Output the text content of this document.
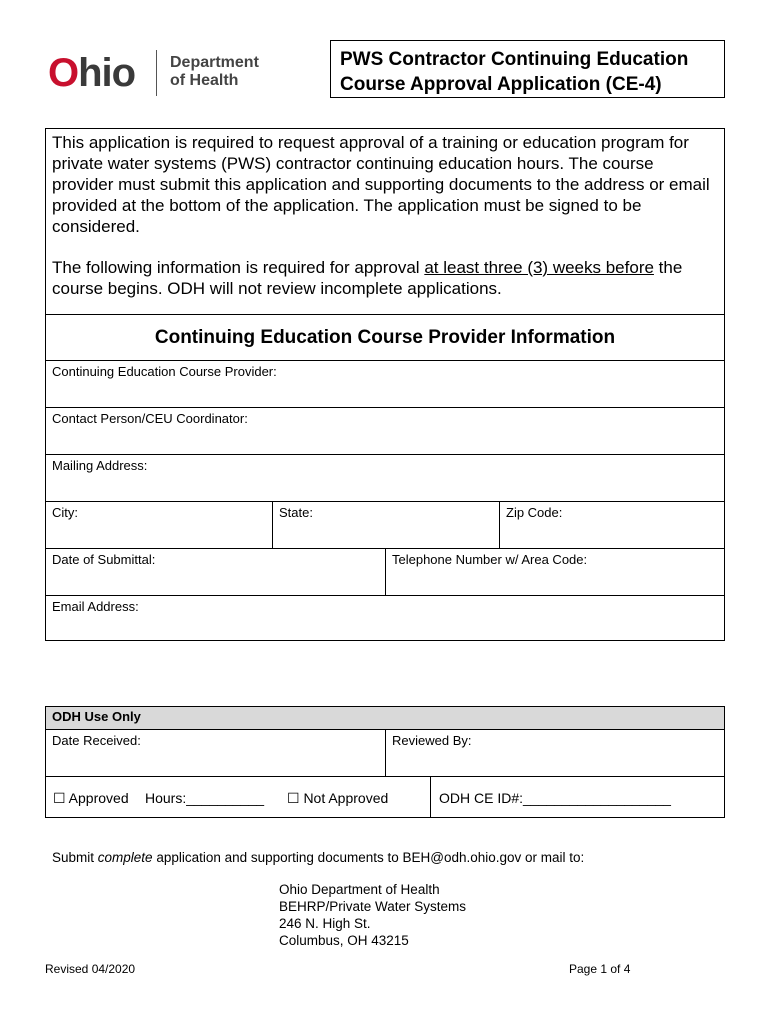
Ohio Department
of Health
PWS Contractor Continuing Education
Course Approval Application (CE-4)

This application is required to request approval of a training or education program for private water systems (PWS) contractor continuing education hours. The course provider must submit this application and supporting documents to the address or email provided at the bottom of the application. The application must be signed to be considered.

The following information is required for approval at least three (3) weeks before the course begins. ODH will not review incomplete applications.

Continuing Education Course Provider Information
Continuing Education Course Provider:
Contact Person/CEU Coordinator:
Mailing Address:
City:	State:	Zip Code:
Date of Submittal:	Telephone Number w/ Area Code:
Email Address:
ODH Use Only
Date Received:	Reviewed By:
☐ Approved Hours:__________ ☐ Not Approved	ODH CE ID#:___________________
Submit complete application and supporting documents to BEH@odh.ohio.gov or mail to:
Ohio Department of Health
BEHRP/Private Water Systems
246 N. High St.
Columbus, OH 43215
Revised 04/2020	Page 1 of 4
